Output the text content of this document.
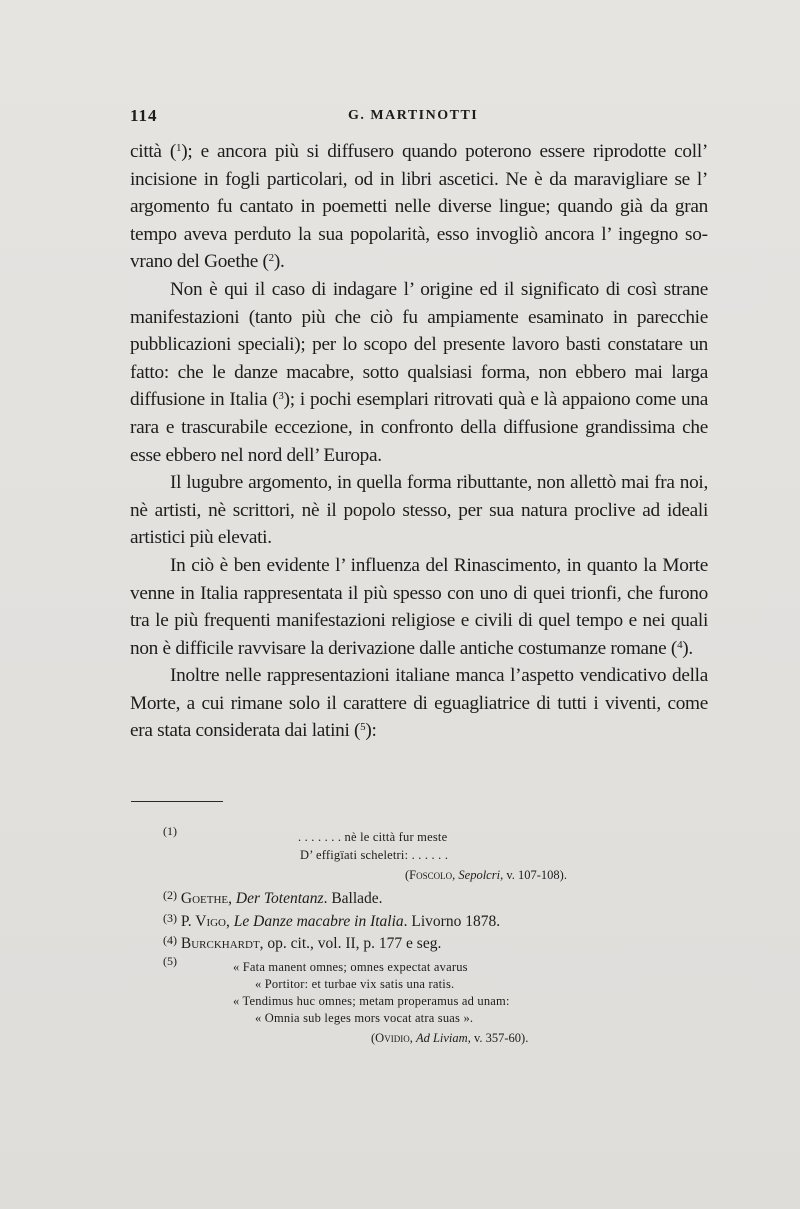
114	G. MARTINOTTI

città ($^1$); e ancora più si diffusero quando poterono essere riprodotte coll’ incisione in fogli particolari, od in libri ascetici. Ne è da maravigliare se l’ argomento fu cantato in poemetti nelle diverse lingue; quando già da gran tempo aveva perduto la sua popolarità, esso invogliò ancora l’ ingegno sovrano del Goethe ($^2$).

Non è qui il caso di indagare l’ origine ed il significato di così strane manifestazioni (tanto più che ciò fu ampiamente esaminato in parecchie pubblicazioni speciali); per lo scopo del presente lavoro basti constatare un fatto: che le danze macabre, sotto qualsiasi forma, non ebbero mai larga diffusione in Italia ($^3$); i pochi esemplari ritrovati quà e là appaiono come una rara e trascurabile eccezione, in confronto della diffusione grandissima che esse ebbero nel nord dell’ Europa.

Il lugubre argomento, in quella forma ributtante, non allettò mai fra noi, nè artisti, nè scrittori, nè il popolo stesso, per sua natura proclive ad ideali artistici più elevati.

In ciò è ben evidente l’ influenza del Rinascimento, in quanto la Morte venne in Italia rappresentata il più spesso con uno di quei trionfi, che furono tra le più frequenti manifestazioni religiose e civili di quel tempo e nei quali non è difficile ravvisare la derivazione dalle antiche costumanze romane ($^4$).

Inoltre nelle rappresentazioni italiane manca l’aspetto vendicativo della Morte, a cui rimane solo il carattere di eguagliatrice di tutti i viventi, come era stata considerata dai latini ($^5$):

$^{(1)}$	. . . . . . . nè le città fur meste
D’ effigïati scheletri: . . . . . .
(Foscolo, Sepolcri, v. 107-108).
$^{(2)}$ Goethe, Der Totentanz. Ballade.
$^{(3)}$ P. Vigo, Le Danze macabre in Italia. Livorno 1878.
$^{(4)}$ Burckhardt, op. cit., vol. II, p. 177 e seg.
$^{(5)}$	« Fata manent omnes; omnes expectat avarus
« Portitor: et turbae vix satis una ratis.
« Tendimus huc omnes; metam properamus ad unam:
« Omnia sub leges mors vocat atra suas ».
(Ovidio, Ad Liviam, v. 357-60).
